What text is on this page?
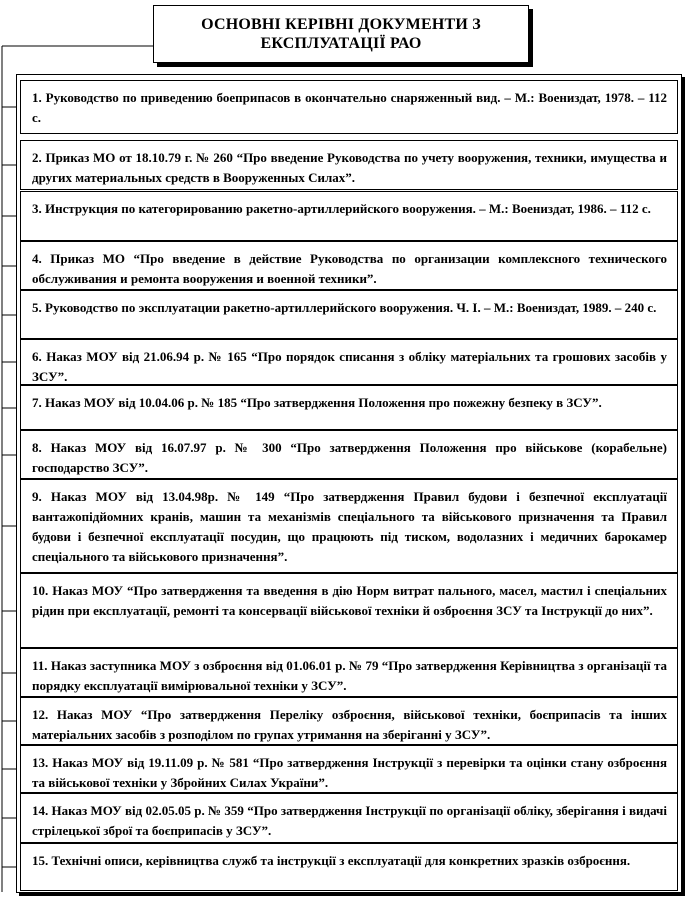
ОСНОВНІ КЕРІВНІ ДОКУМЕНТИ З ЕКСПЛУАТАЦІЇ РАО
1. Руководство по приведению боеприпасов в окончательно снаряженный вид. – М.: Воениздат, 1978. – 112 с.
2. Приказ МО от 18.10.79 г. № 260 “Про введение Руководства по учету вооружения, техники, имущества и других материальных средств в Вооруженных Силах”.
3. Инструкция по категорированию ракетно-артиллерийского вооружения. – М.: Воениздат, 1986. – 112 с.
4. Приказ МО “Про введение в действие Руководства по организации комплексного технического обслуживания и ремонта вооружения и военной техники”.
5. Руководство по эксплуатации ракетно-артиллерийского вооружения. Ч. I. – М.: Воениздат, 1989. – 240 с.
6. Наказ МОУ від 21.06.94 р. № 165 “Про порядок списання з обліку матеріальних та грошових засобів у ЗСУ”.
7. Наказ МОУ від 10.04.06 р. № 185 “Про затвердження Положення про пожежну безпеку в ЗСУ”.
8. Наказ МОУ від 16.07.97 р. № 300 “Про затвердження Положення про військове (корабельне) господарство ЗСУ”.
9. Наказ МОУ від 13.04.98р. № 149 “Про затвердження Правил будови і безпечної експлуатації вантажопідйомних кранів, машин та механізмів спеціального та військового призначення та Правил будови і безпечної експлуатації посудин, що працюють під тиском, водолазних і медичних барокамер спеціального та військового призначення”.
10. Наказ МОУ “Про затвердження та введення в дію Норм витрат пального, масел, мастил і спеціальних рідин при експлуатації, ремонті та консервації військової техніки й озброєння ЗСУ та Інструкції до них”.
11. Наказ заступника МОУ з озброєння від 01.06.01 р. № 79 “Про затвердження Керівництва з організації та порядку експлуатації вимірювальної техніки у ЗСУ”.
12. Наказ МОУ “Про затвердження Переліку озброєння, військової техніки, боєприпасів та інших матеріальних засобів з розподілом по групах утримання на зберіганні у ЗСУ”.
13. Наказ МОУ від 19.11.09 р. № 581 “Про затвердження Інструкції з перевірки та оцінки стану озброєння та військової техніки у Збройних Силах України”.
14. Наказ МОУ від 02.05.05 р. № 359 “Про затвердження Інструкції по організації обліку, зберігання і видачі стрілецької зброї та боєприпасів у ЗСУ”.
15. Технічні описи, керівництва служб та інструкції з експлуатації для конкретних зразків озброєння.
